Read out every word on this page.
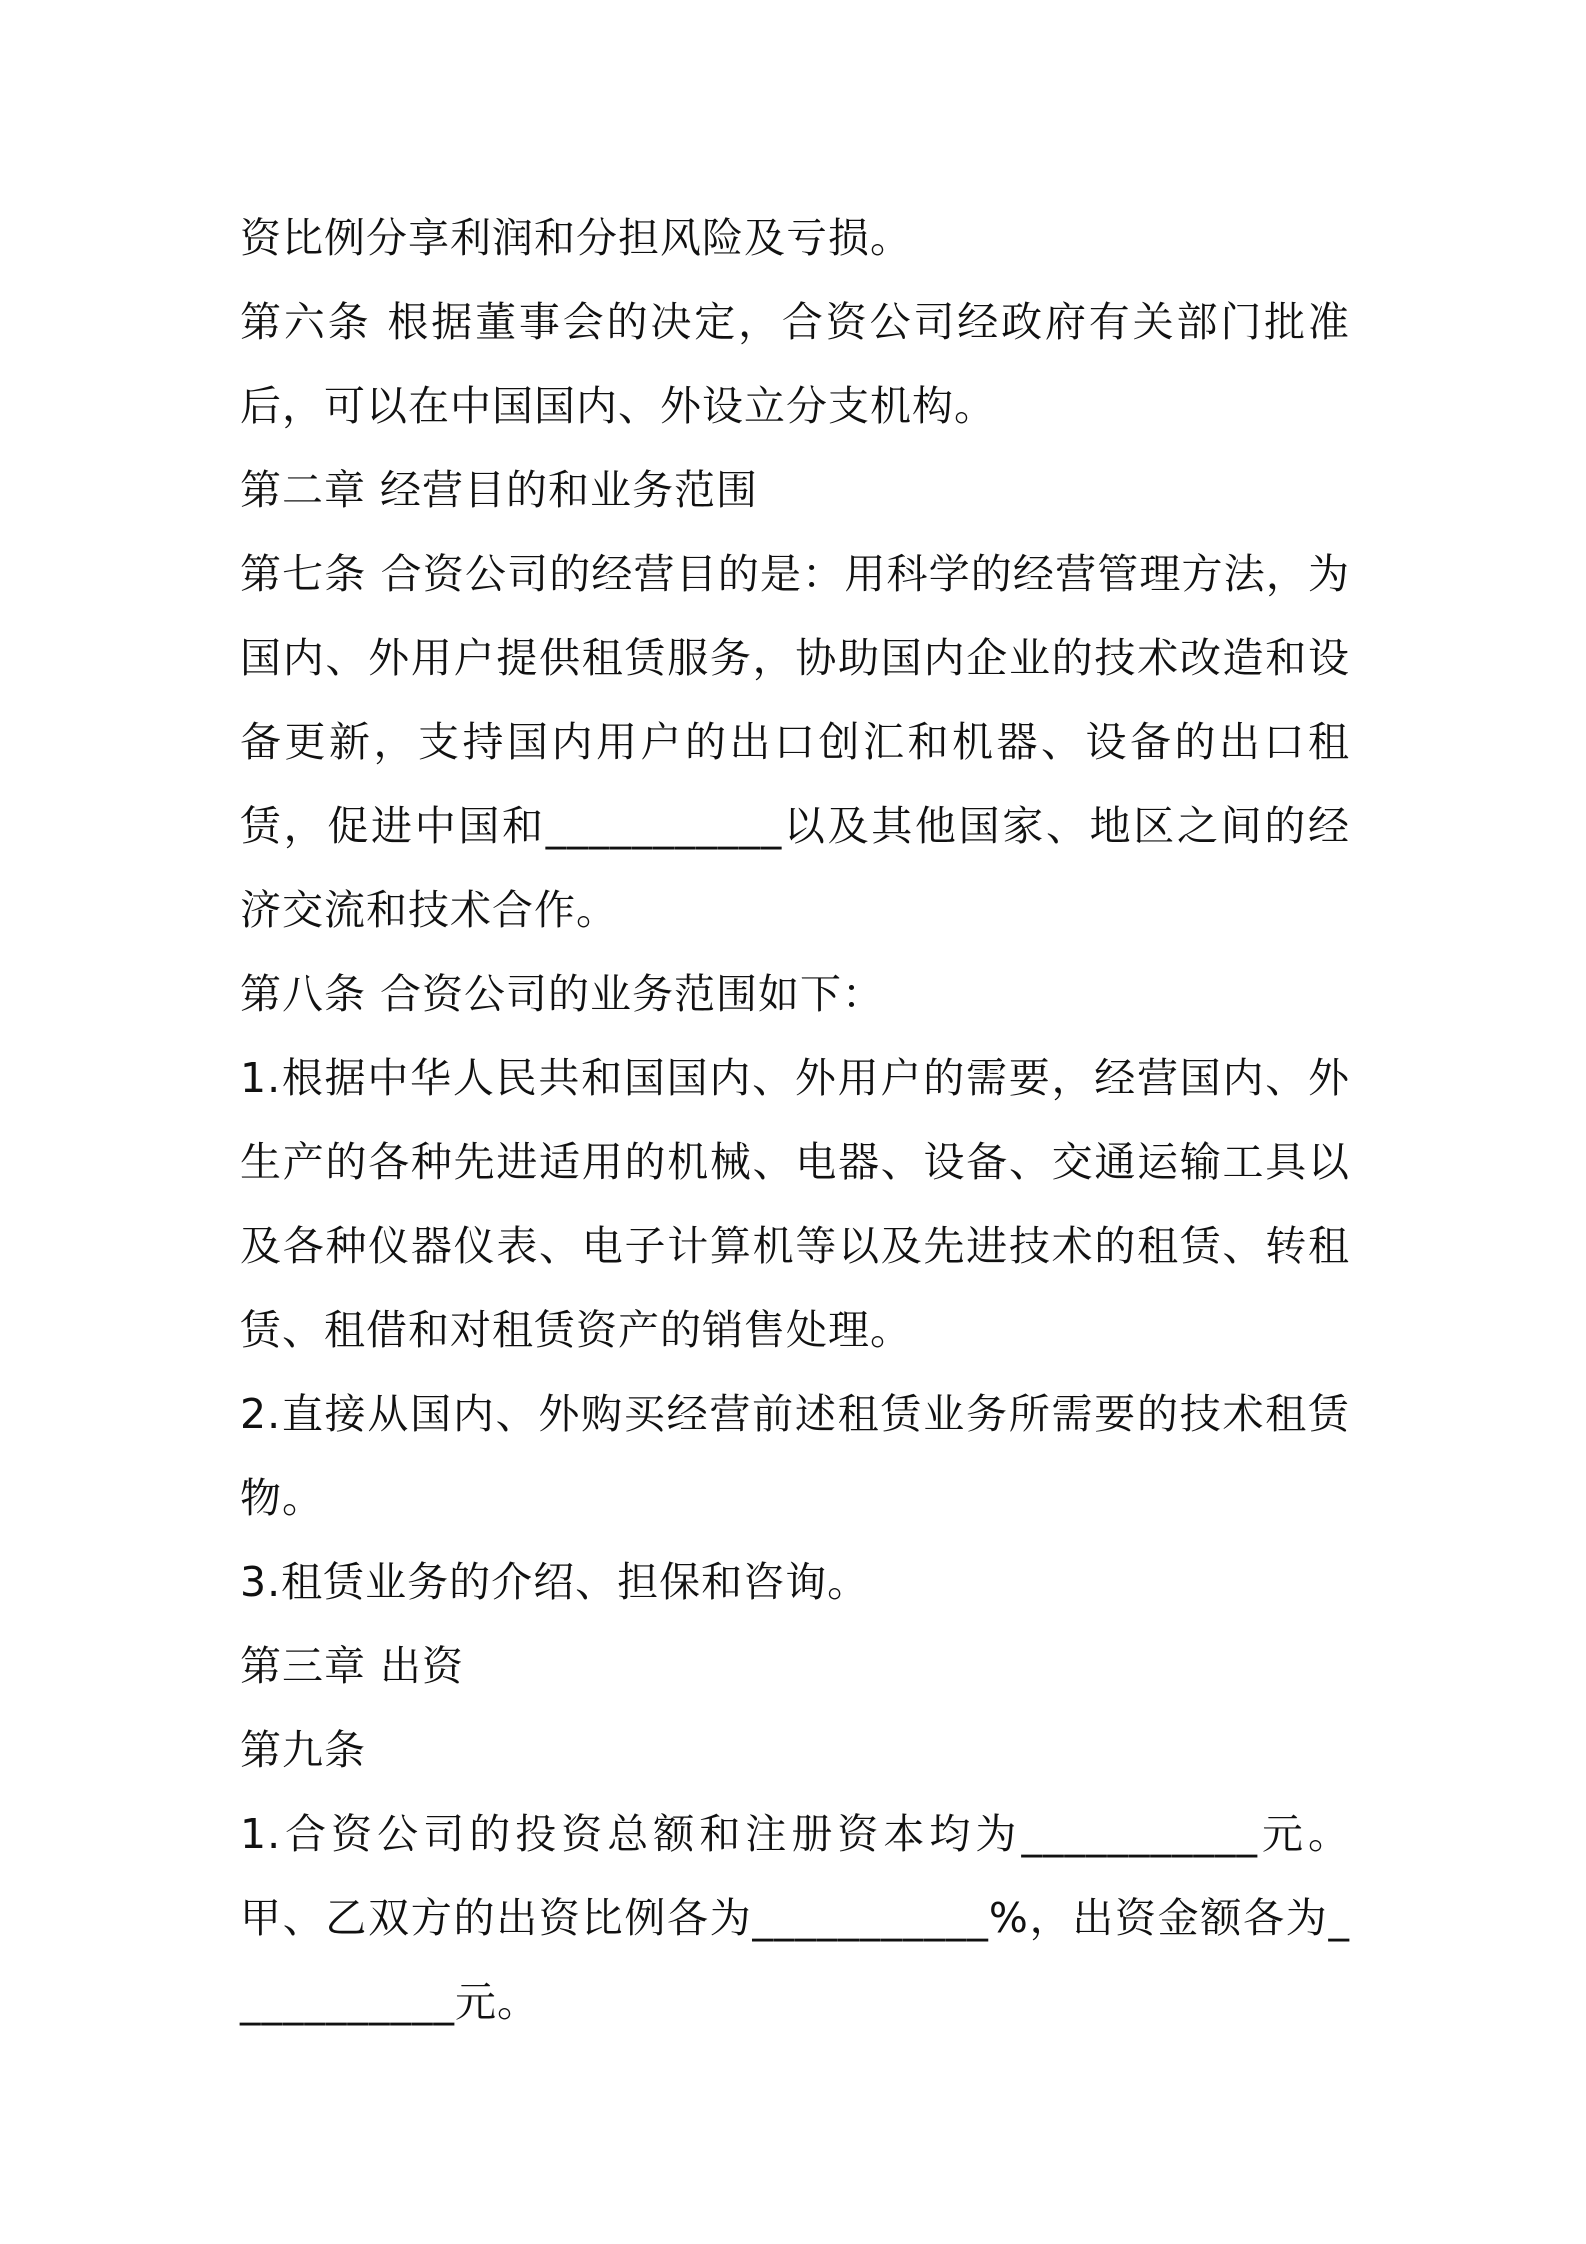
资比例分享利润和分担风险及亏损。

第六条 根据董事会的决定，合资公司经政府有关部门批准后，可以在中国国内、外设立分支机构。

第二章 经营目的和业务范围

第七条 合资公司的经营目的是：用科学的经营管理方法，为国内、外用户提供租赁服务，协助国内企业的技术改造和设备更新，支持国内用户的出口创汇和机器、设备的出口租赁，促进中国和___________以及其他国家、地区之间的经济交流和技术合作。

第八条 合资公司的业务范围如下：

1.根据中华人民共和国国内、外用户的需要，经营国内、外生产的各种先进适用的机械、电器、设备、交通运输工具以及各种仪器仪表、电子计算机等以及先进技术的租赁、转租赁、租借和对租赁资产的销售处理。

2.直接从国内、外购买经营前述租赁业务所需要的技术租赁物。

3.租赁业务的介绍、担保和咨询。

第三章 出资

第九条

1.合资公司的投资总额和注册资本均为___________元。甲、乙双方的出资比例各为___________%，出资金额各为___________元。
